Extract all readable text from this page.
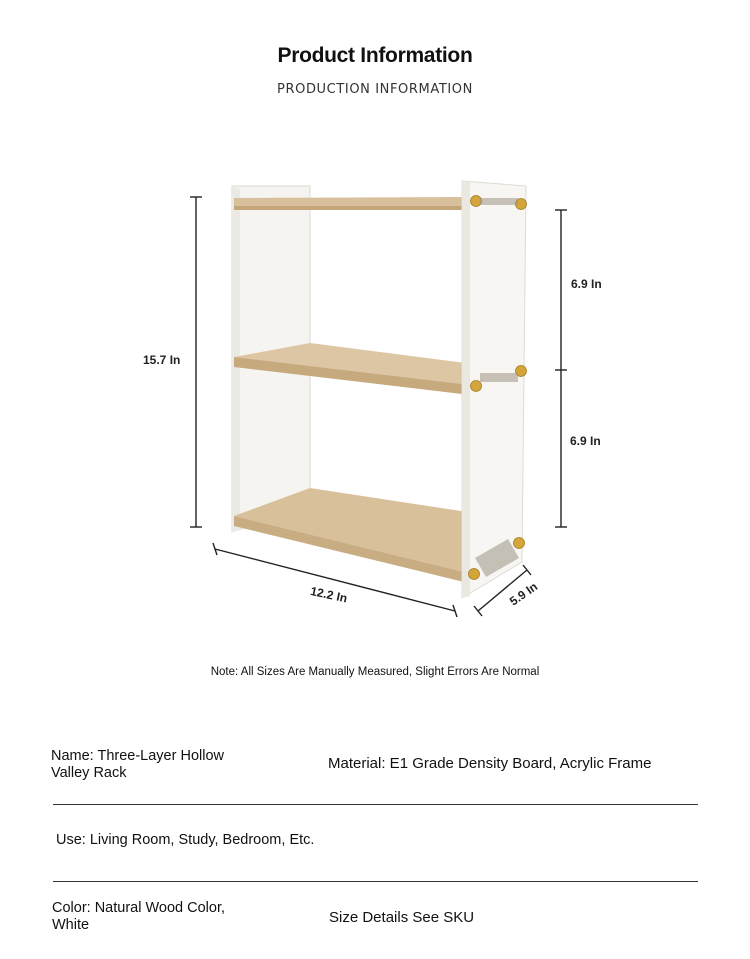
Product Information
PRODUCTION INFORMATION
15.7 In
6.9 In
6.9 In
12.2 In	5.9 In
Note: All Sizes Are Manually Measured, Slight Errors Are Normal
Name: Three-Layer Hollow Valley Rack
Material: E1 Grade Density Board, Acrylic Frame
Use: Living Room, Study, Bedroom, Etc.
Color: Natural Wood Color, White	Size Details See SKU
